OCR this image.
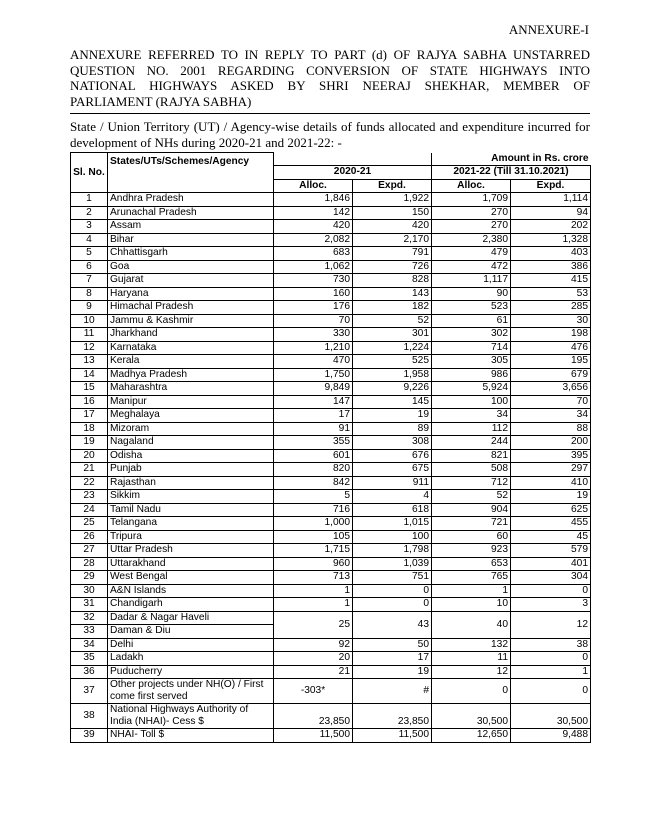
ANNEXURE-I
ANNEXURE REFERRED TO IN REPLY TO PART (d) OF RAJYA SABHA UNSTARRED QUESTION NO. 2001 REGARDING CONVERSION OF STATE HIGHWAYS INTO NATIONAL HIGHWAYS ASKED BY SHRI NEERAJ SHEKHAR, MEMBER OF PARLIAMENT (RAJYA SABHA)
State / Union Territory (UT) / Agency-wise details of funds allocated and expenditure incurred for development of NHs during 2020-21 and 2021-22: -
Sl. No.	States/UTs/Schemes/Agency			Amount in Rs. crore	
		2020-21		2021-22 (Till 31.10.2021)	
		Alloc.	Expd.	Alloc.	Expd.
1	Andhra Pradesh	1,846	1,922	1,709	1,114
2	Arunachal Pradesh	142	150	270	94
3	Assam	420	420	270	202
4	Bihar	2,082	2,170	2,380	1,328
5	Chhattisgarh	683	791	479	403
6	Goa	1,062	726	472	386
7	Gujarat	730	828	1,117	415
8	Haryana	160	143	90	53
9	Himachal Pradesh	176	182	523	285
10	Jammu & Kashmir	70	52	61	30
11	Jharkhand	330	301	302	198
12	Karnataka	1,210	1,224	714	476
13	Kerala	470	525	305	195
14	Madhya Pradesh	1,750	1,958	986	679
15	Maharashtra	9,849	9,226	5,924	3,656
16	Manipur	147	145	100	70
17	Meghalaya	17	19	34	34
18	Mizoram	91	89	112	88
19	Nagaland	355	308	244	200
20	Odisha	601	676	821	395
21	Punjab	820	675	508	297
22	Rajasthan	842	911	712	410
23	Sikkim	5	4	52	19
24	Tamil Nadu	716	618	904	625
25	Telangana	1,000	1,015	721	455
26	Tripura	105	100	60	45
27	Uttar Pradesh	1,715	1,798	923	579
28	Uttarakhand	960	1,039	653	401
29	West Bengal	713	751	765	304
30	A&N Islands	1	0	1	0
31	Chandigarh	1	0	10	3
32	Dadar & Nagar Haveli	25	43	40	12
33	Daman & Diu				
34	Delhi	92	50	132	38
35	Ladakh	20	17	11	0
36	Puducherry	21	19	12	1
37	Other projects under NH(O) / First come first served	-303*	#	0	0
38	National Highways Authority of India (NHAI)- Cess $	23,850	23,850	30,500	30,500
39	NHAI- Toll $	11,500	11,500	12,650	9,488
